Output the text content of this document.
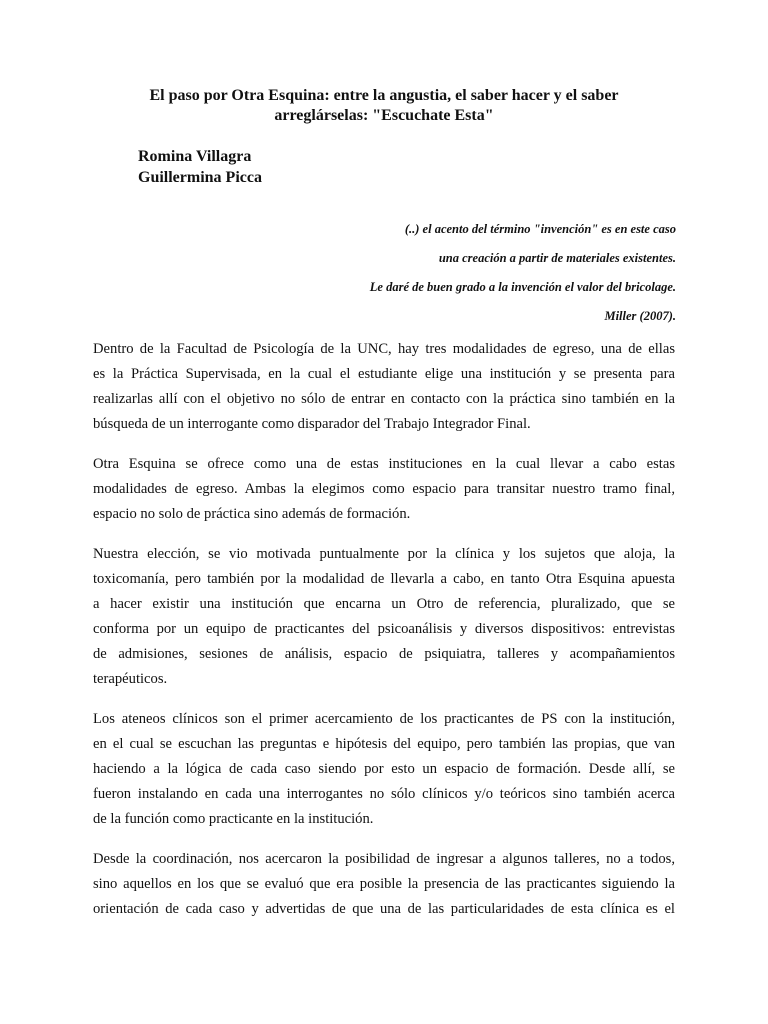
El paso por Otra Esquina: entre la angustia, el saber hacer y el saber
arreglárselas: "Escuchate Esta"
Romina Villagra
Guillermina Picca
(..) el acento del término "invención" es en este caso
una creación a partir de materiales existentes.
Le daré de buen grado a la invención el valor del bricolage.
Miller (2007).

Dentro de la Facultad de Psicología de la UNC, hay tres modalidades de egreso, una de ellas
es la Práctica Supervisada, en la cual el estudiante elige una institución y se presenta para
realizarlas allí con el objetivo no sólo de entrar en contacto con la práctica sino también en la
búsqueda de un interrogante como disparador del Trabajo Integrador Final.

Otra Esquina se ofrece como una de estas instituciones en la cual llevar a cabo estas
modalidades de egreso. Ambas la elegimos como espacio para transitar nuestro tramo final,
espacio no solo de práctica sino además de formación.

Nuestra elección, se vio motivada puntualmente por la clínica y los sujetos que aloja, la
toxicomanía, pero también por la modalidad de llevarla a cabo, en tanto Otra Esquina apuesta
a hacer existir una institución que encarna un Otro de referencia, pluralizado, que se
conforma por un equipo de practicantes del psicoanálisis y diversos dispositivos: entrevistas
de admisiones, sesiones de análisis, espacio de psiquiatra, talleres y acompañamientos
terapéuticos.

Los ateneos clínicos son el primer acercamiento de los practicantes de PS con la institución,
en el cual se escuchan las preguntas e hipótesis del equipo, pero también las propias, que van
haciendo a la lógica de cada caso siendo por esto un espacio de formación. Desde allí, se
fueron instalando en cada una interrogantes no sólo clínicos y/o teóricos sino también acerca
de la función como practicante en la institución.

Desde la coordinación, nos acercaron la posibilidad de ingresar a algunos talleres, no a todos,
sino aquellos en los que se evaluó que era posible la presencia de las practicantes siguiendo la
orientación de cada caso y advertidas de que una de las particularidades de esta clínica es el
